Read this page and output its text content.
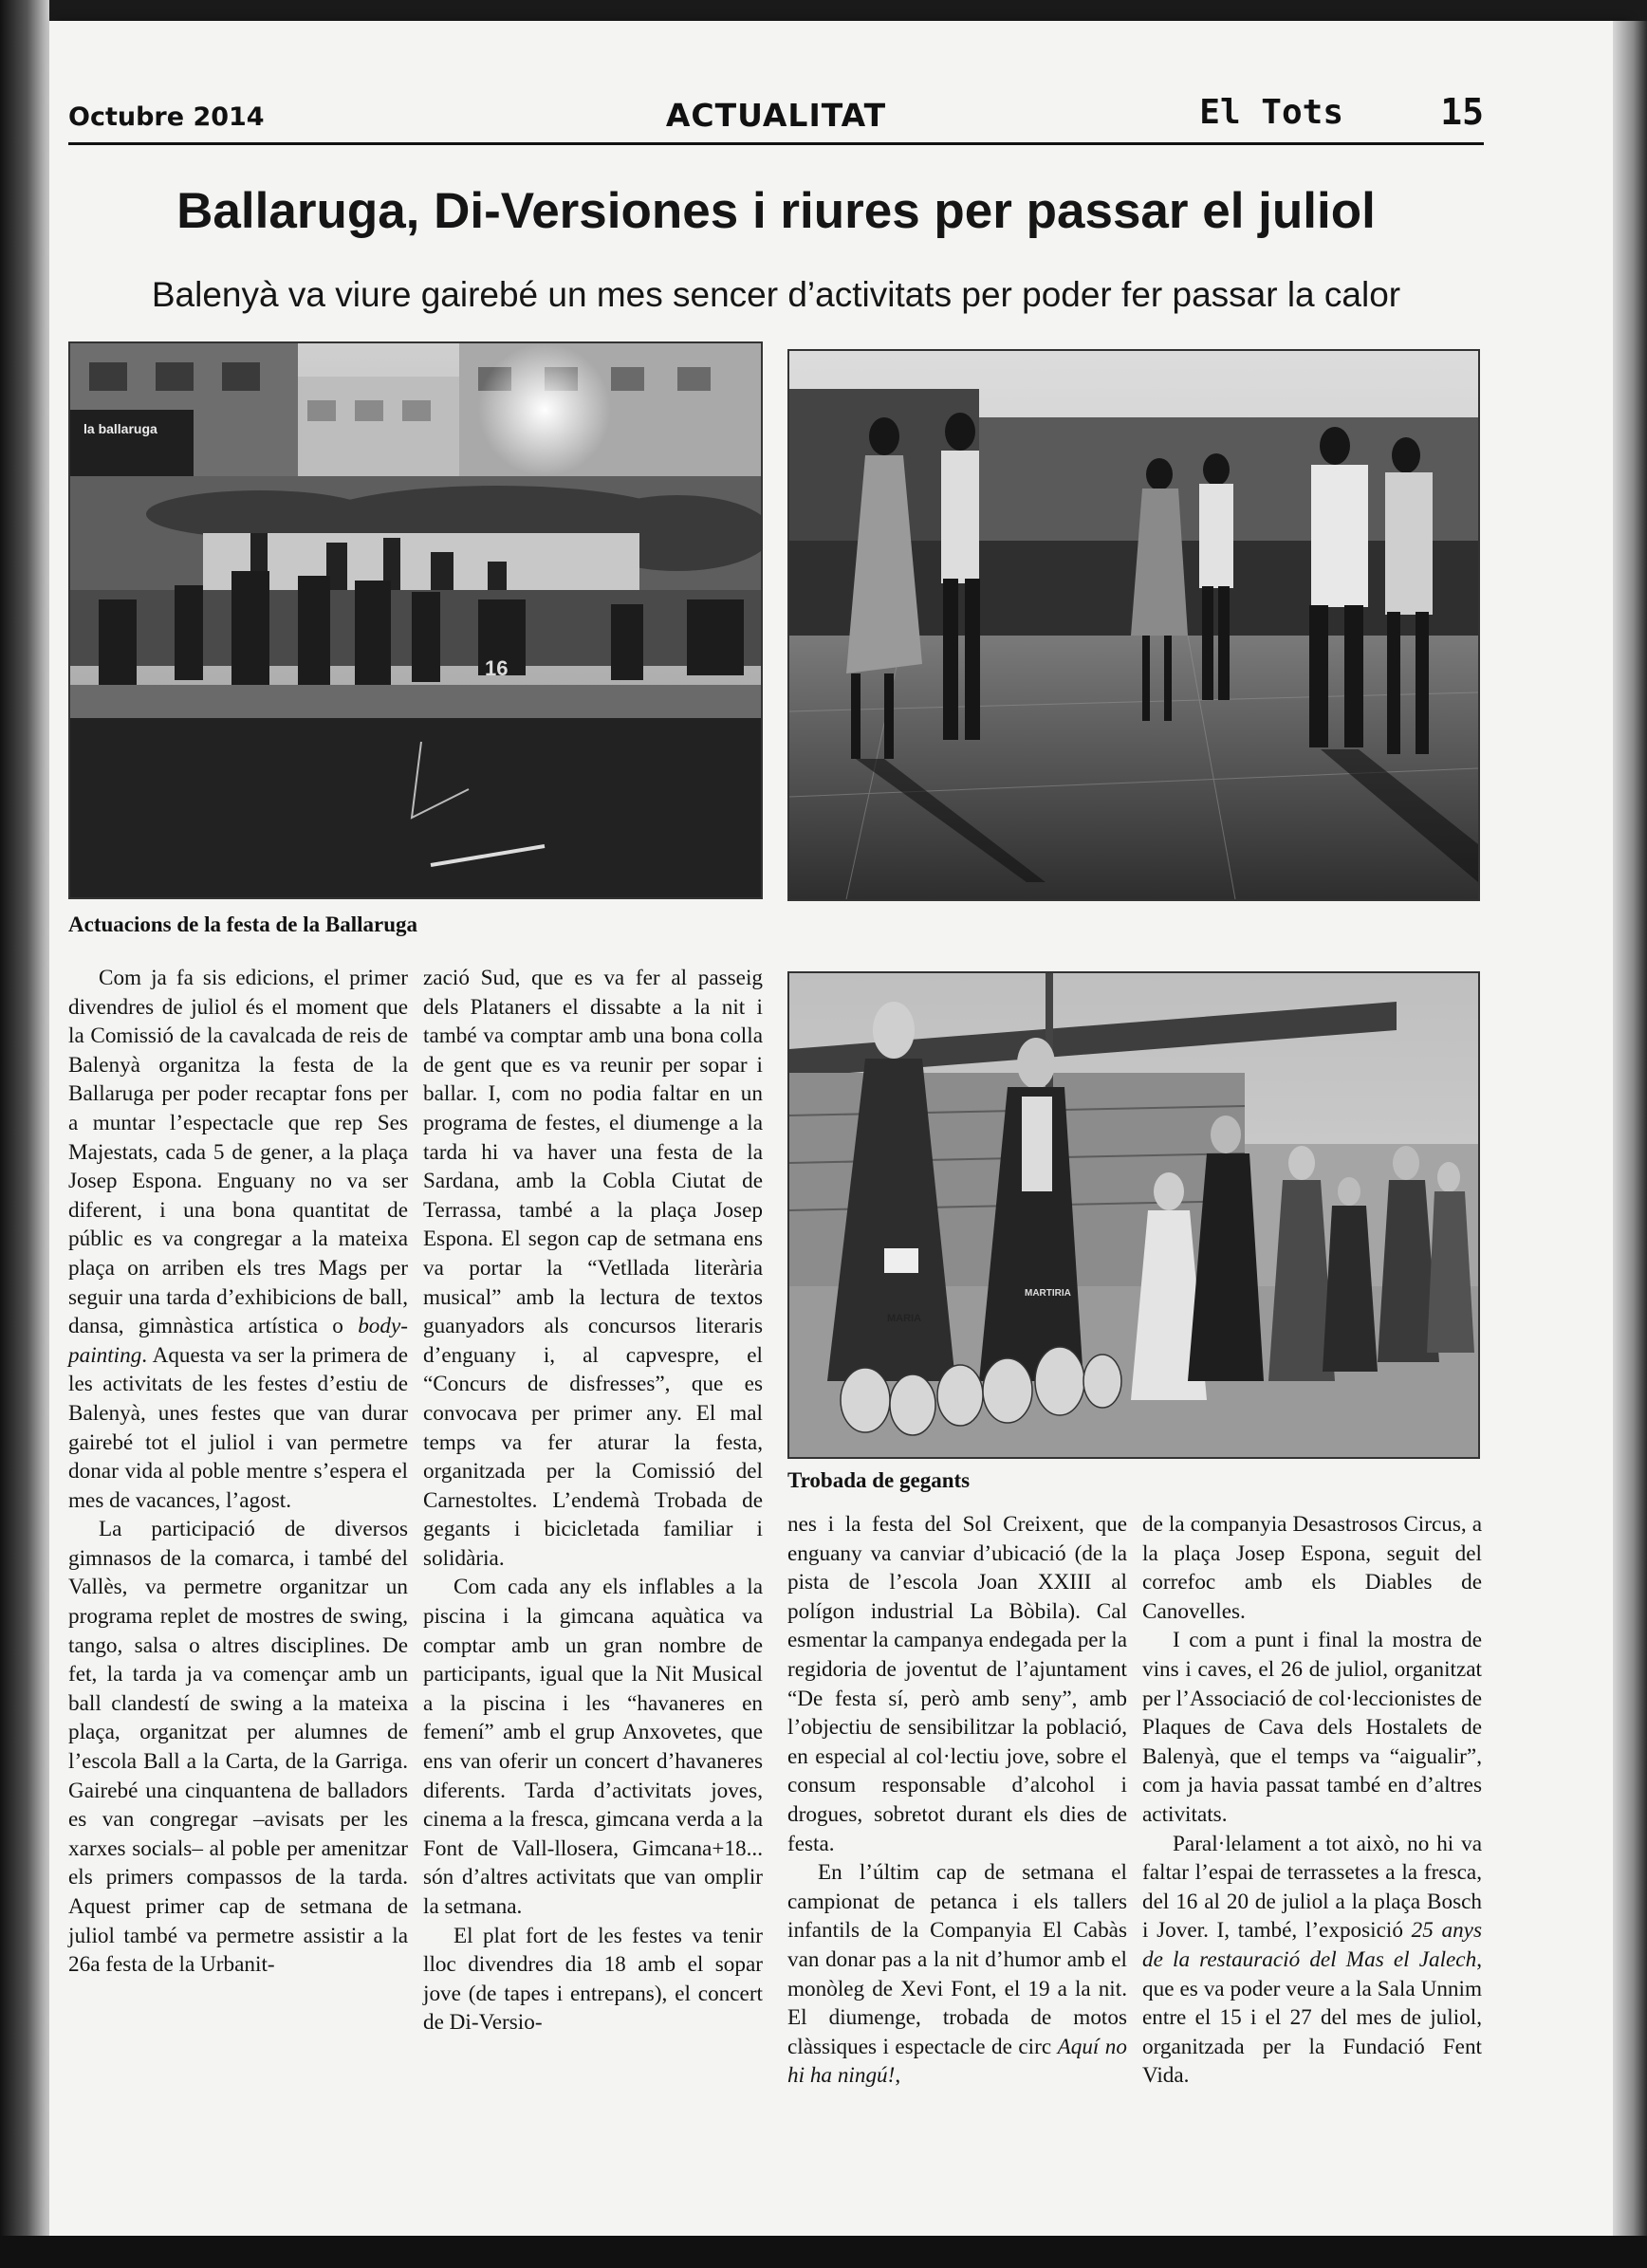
Octubre 2014	ACTUALITAT	El Tots	15
Ballaruga, Di-Versiones i riures per passar el juliol
Balenyà va viure gairebé un mes sencer d’activitats per poder fer passar la calor
la ballaruga
16
Actuacions de la festa de la Ballaruga
MARIA
MARTIRIA
Trobada de gegants

Com ja fa sis edicions, el primer divendres de juliol és el moment que la Comissió de la cavalcada de reis de Balenyà organitza la festa de la Ballaruga per poder recaptar fons per a muntar l’espectacle que rep Ses Majestats, cada 5 de gener, a la plaça Josep Espona. Enguany no va ser diferent, i una bona quantitat de públic es va congregar a la mateixa plaça on arriben els tres Mags per seguir una tarda d’exhibicions de ball, dansa, gimnàstica artística o body-painting. Aquesta va ser la primera de les activitats de les festes d’estiu de Balenyà, unes festes que van durar gairebé tot el juliol i van permetre donar vida al poble mentre s’espera el mes de vacances, l’agost.

La participació de diversos gimnasos de la comarca, i també del Vallès, va permetre organitzar un programa replet de mostres de swing, tango, salsa o altres disciplines. De fet, la tarda ja va començar amb un ball clandestí de swing a la mateixa plaça, organitzat per alumnes de l’escola Ball a la Carta, de la Garriga. Gairebé una cinquantena de balladors es van congregar –avisats per les xarxes socials– al poble per amenitzar els primers compassos de la tarda. Aquest primer cap de setmana de juliol també va permetre assistir a la 26a festa de la Urbanit-

zació Sud, que es va fer al passeig dels Plataners el dissabte a la nit i també va comptar amb una bona colla de gent que es va reunir per sopar i ballar. I, com no podia faltar en un programa de festes, el diumenge a la tarda hi va haver una festa de la Sardana, amb la Cobla Ciutat de Terrassa, també a la plaça Josep Espona. El segon cap de setmana ens va portar la “Vetllada literària musical” amb la lectura de textos guanyadors als concursos literaris d’enguany i, al capvespre, el “Concurs de disfresses”, que es convocava per primer any. El mal temps va fer aturar la festa, organitzada per la Comissió del Carnestoltes. L’endemà Trobada de gegants i bicicletada familiar i solidària.

Com cada any els inflables a la piscina i la gimcana aquàtica va comptar amb un gran nombre de participants, igual que la Nit Musical a la piscina i les “havaneres en femení” amb el grup Anxovetes, que ens van oferir un concert d’havaneres diferents. Tarda d’activitats joves, cinema a la fresca, gimcana verda a la Font de Vall-llosera, Gimcana+18... són d’altres activitats que van omplir la setmana.

El plat fort de les festes va tenir lloc divendres dia 18 amb el sopar jove (de tapes i entrepans), el concert de Di-Versio-

nes i la festa del Sol Creixent, que enguany va canviar d’ubicació (de la pista de l’escola Joan XXIII al polígon industrial La Bòbila). Cal esmentar la campanya endegada per la regidoria de joventut de l’ajuntament “De festa sí, però amb seny”, amb l’objectiu de sensibilitzar la població, en especial al col·lectiu jove, sobre el consum responsable d’alcohol i drogues, sobretot durant els dies de festa.

En l’últim cap de setmana el campionat de petanca i els tallers infantils de la Companyia El Cabàs van donar pas a la nit d’humor amb el monòleg de Xevi Font, el 19 a la nit. El diumenge, trobada de motos clàssiques i espectacle de circ Aquí no hi ha ningú!,

de la companyia Desastrosos Circus, a la plaça Josep Espona, seguit del correfoc amb els Diables de Canovelles.

I com a punt i final la mostra de vins i caves, el 26 de juliol, organitzat per l’Associació de col·leccionistes de Plaques de Cava dels Hostalets de Balenyà, que el temps va “aigualir”, com ja havia passat també en d’altres activitats.

Paral·lelament a tot això, no hi va faltar l’espai de terrassetes a la fresca, del 16 al 20 de juliol a la plaça Bosch i Jover. I, també, l’exposició 25 anys de la restauració del Mas el Jalech, que es va poder veure a la Sala Unnim entre el 15 i el 27 del mes de juliol, organitzada per la Fundació Fent Vida.
